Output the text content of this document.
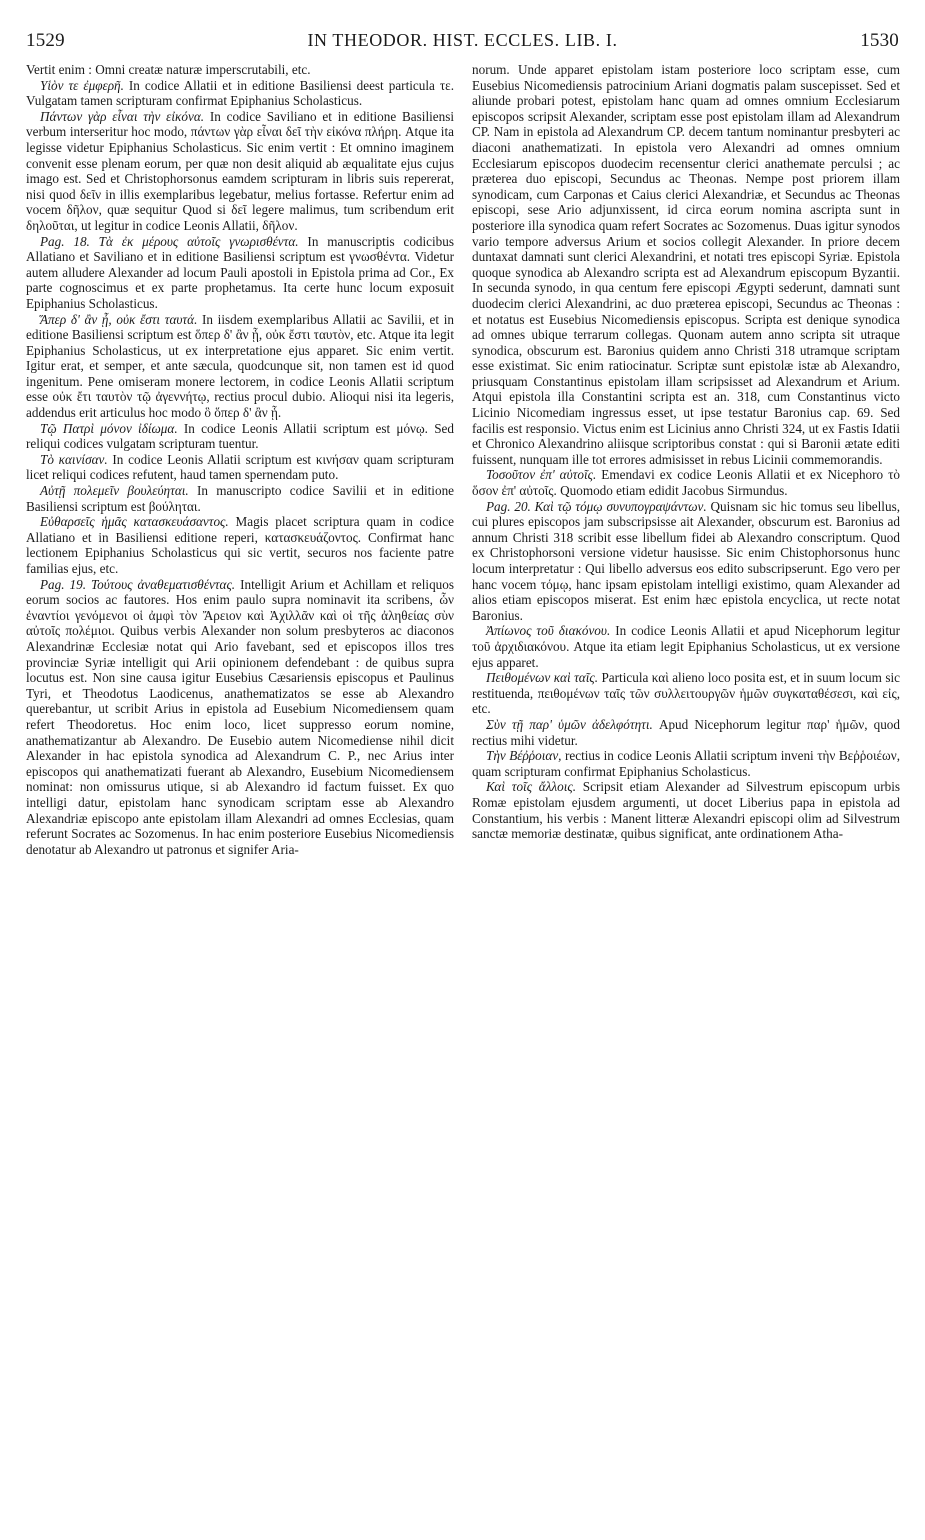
1529	IN THEODOR. HIST. ECCLES. LIB. I.	1530

Vertit enim : Omni creatæ naturæ imperscrutabili, etc.

Υἱὸν τε ἐμφερῆ. In codice Allatii et in editione Basiliensi deest particula τε. Vulgatam tamen scripturam confirmat Epiphanius Scholasticus.

Πάντων γὰρ εἶναι τὴν εἰκόνα. In codice Saviliano et in editione Basiliensi verbum interseritur hoc modo, πάντων γὰρ εἶναι δεῖ τὴν εἰκόνα πλήρη. Atque ita legisse videtur Epiphanius Scholasticus. Sic enim vertit : Et omnino imaginem convenit esse plenam eorum, per quæ non desit aliquid ab æqualitate ejus cujus imago est. Sed et Christophorsonus eamdem scripturam in libris suis repererat, nisi quod δεῖν in illis exemplaribus legebatur, melius fortasse. Refertur enim ad vocem δῆλον, quæ sequitur Quod si δεῖ legere malimus, tum scribendum erit δηλοῦται, ut legitur in codice Leonis Allatii, δῆλον.

Pag. 18. Τὰ ἐκ μέρους αὐτοῖς γνωρισθέντα. In manuscriptis codicibus Allatiano et Saviliano et in editione Basiliensi scriptum est γνωσθέντα. Videtur autem alludere Alexander ad locum Pauli apostoli in Epistola prima ad Cor., Ex parte cognoscimus et ex parte prophetamus. Ita certe hunc locum exposuit Epiphanius Scholasticus.

Ἅπερ δ' ἂν ᾖ, οὐκ ἔστι ταυτά. In iisdem exemplaribus Allatii ac Savilii, et in editione Basiliensi scriptum est ὅπερ δ' ἂν ᾖ, οὐκ ἔστι ταυτὸν, etc. Atque ita legit Epiphanius Scholasticus, ut ex interpretatione ejus apparet. Sic enim vertit. Igitur erat, et semper, et ante sæcula, quodcunque sit, non tamen est id quod ingenitum. Pene omiseram monere lectorem, in codice Leonis Allatii scriptum esse οὐκ ἔτι ταυτὸν τῷ ἀγεννήτῳ, rectius procul dubio. Alioqui nisi ita legeris, addendus erit articulus hoc modo ὃ ὅπερ δ' ἂν ᾖ.

Τῷ Πατρὶ μόνον ἰδίωμα. In codice Leonis Allatii scriptum est μόνῳ. Sed reliqui codices vulgatam scripturam tuentur.

Τὸ καινίσαν. In codice Leonis Allatii scriptum est κινήσαν quam scripturam licet reliqui codices refutent, haud tamen spernendam puto.

Αὐτῇ πολεμεῖν βουλεύηται. In manuscripto codice Savilii et in editione Basiliensi scriptum est βούληται.

Εὐθαρσεῖς ἡμᾶς κατασκευάσαντος. Magis placet scriptura quam in codice Allatiano et in Basiliensi editione reperi, κατασκευάζοντος. Confirmat hanc lectionem Epiphanius Scholasticus qui sic vertit, securos nos faciente patre familias ejus, etc.

Pag. 19. Τούτους ἀναθεματισθέντας. Intelligit Arium et Achillam et reliquos eorum socios ac fautores. Hos enim paulo supra nominavit ita scribens, ὧν ἐναντίοι γενόμενοι οἱ ἀμφὶ τὸν Ἄρειον καὶ Ἀχιλλᾶν καὶ οἱ τῆς ἀληθείας σὺν αὐτοῖς πολέμιοι. Quibus verbis Alexander non solum presbyteros ac diaconos Alexandrinæ Ecclesiæ notat qui Ario favebant, sed et episcopos illos tres provinciæ Syriæ intelligit qui Arii opinionem defendebant : de quibus supra locutus est. Non sine causa igitur Eusebius Cæsariensis episcopus et Paulinus Tyri, et Theodotus Laodicenus, anathematizatos se esse ab Alexandro querebantur, ut scribit Arius in epistola ad Eusebium Nicomediensem quam refert Theodoretus. Hoc enim loco, licet suppresso eorum nomine, anathematizantur ab Alexandro. De Eusebio autem Nicomediense nihil dicit Alexander in hac epistola synodica ad Alexandrum C. P., nec Arius inter episcopos qui anathematizati fuerant ab Alexandro, Eusebium Nicomediensem nominat: non omissurus utique, si ab Alexandro id factum fuisset. Ex quo intelligi datur, epistolam hanc synodicam scriptam esse ab Alexandro Alexandriæ episcopo ante epistolam illam Alexandri ad omnes Ecclesias, quam referunt Socrates ac Sozomenus. In hac enim posteriore Eusebius Nicomediensis denotatur ab Alexandro ut patronus et signifer Aria-

norum. Unde apparet epistolam istam posteriore loco scriptam esse, cum Eusebius Nicomediensis patrocinium Ariani dogmatis palam suscepisset. Sed et aliunde probari potest, epistolam hanc quam ad omnes omnium Ecclesiarum episcopos scripsit Alexander, scriptam esse post epistolam illam ad Alexandrum CP. Nam in epistola ad Alexandrum CP. decem tantum nominantur presbyteri ac diaconi anathematizati. In epistola vero Alexandri ad omnes omnium Ecclesiarum episcopos duodecim recensentur clerici anathemate perculsi ; ac præterea duo episcopi, Secundus ac Theonas. Nempe post priorem illam synodicam, cum Carponas et Caius clerici Alexandriæ, et Secundus ac Theonas episcopi, sese Ario adjunxissent, id circa eorum nomina ascripta sunt in posteriore illa synodica quam refert Socrates ac Sozomenus. Duas igitur synodos vario tempore adversus Arium et socios collegit Alexander. In priore decem duntaxat damnati sunt clerici Alexandrini, et notati tres episcopi Syriæ. Epistola quoque synodica ab Alexandro scripta est ad Alexandrum episcopum Byzantii. In secunda synodo, in qua centum fere episcopi Ægypti sederunt, damnati sunt duodecim clerici Alexandrini, ac duo præterea episcopi, Secundus ac Theonas : et notatus est Eusebius Nicomediensis episcopus. Scripta est denique synodica ad omnes ubique terrarum collegas. Quonam autem anno scripta sit utraque synodica, obscurum est. Baronius quidem anno Christi 318 utramque scriptam esse existimat. Sic enim ratiocinatur. Scriptæ sunt epistolæ istæ ab Alexandro, priusquam Constantinus epistolam illam scripsisset ad Alexandrum et Arium. Atqui epistola illa Constantini scripta est an. 318, cum Constantinus victo Licinio Nicomediam ingressus esset, ut ipse testatur Baronius cap. 69. Sed facilis est responsio. Victus enim est Licinius anno Christi 324, ut ex Fastis Idatii et Chronico Alexandrino aliisque scriptoribus constat : qui si Baronii ætate editi fuissent, nunquam ille tot errores admisisset in rebus Licinii commemorandis.

Τοσοῦτον ἐπ' αὐτοῖς. Emendavi ex codice Leonis Allatii et ex Nicephoro τὸ ὅσον ἐπ' αὐτοῖς. Quomodo etiam edidit Jacobus Sirmundus.

Pag. 20. Καὶ τῷ τόμῳ συνυπογραψάντων. Quisnam sic hic tomus seu libellus, cui plures episcopos jam subscripsisse ait Alexander, obscurum est. Baronius ad annum Christi 318 scribit esse libellum fidei ab Alexandro conscriptum. Quod ex Christophorsoni versione videtur hausisse. Sic enim Chistophorsonus hunc locum interpretatur : Qui libello adversus eos edito subscripserunt. Ego vero per hanc vocem τόμῳ, hanc ipsam epistolam intelligi existimo, quam Alexander ad alios etiam episcopos miserat. Est enim hæc epistola encyclica, ut recte notat Baronius.

Ἀπίωνος τοῦ διακόνου. In codice Leonis Allatii et apud Nicephorum legitur τοῦ ἀρχιδιακόνου. Atque ita etiam legit Epiphanius Scholasticus, ut ex versione ejus apparet.

Πειθομένων καὶ ταῖς. Particula καὶ alieno loco posita est, et in suum locum sic restituenda, πειθομένων ταῖς τῶν συλλειτουργῶν ἡμῶν συγκαταθέσεσι, καὶ εἰς, etc.

Σὺν τῇ παρ' ὑμῶν ἀδελφότητι. Apud Nicephorum legitur παρ' ἡμῶν, quod rectius mihi videtur.

Τὴν Βέῤῥοιαν, rectius in codice Leonis Allatii scriptum inveni τὴν Βεῤῥοιέων, quam scripturam confirmat Epiphanius Scholasticus.

Καὶ τοῖς ἄλλοις. Scripsit etiam Alexander ad Silvestrum episcopum urbis Romæ epistolam ejusdem argumenti, ut docet Liberius papa in epistola ad Constantium, his verbis : Manent litteræ Alexandri episcopi olim ad Silvestrum sanctæ memoriæ destinatæ, quibus significat, ante ordinationem Atha-
